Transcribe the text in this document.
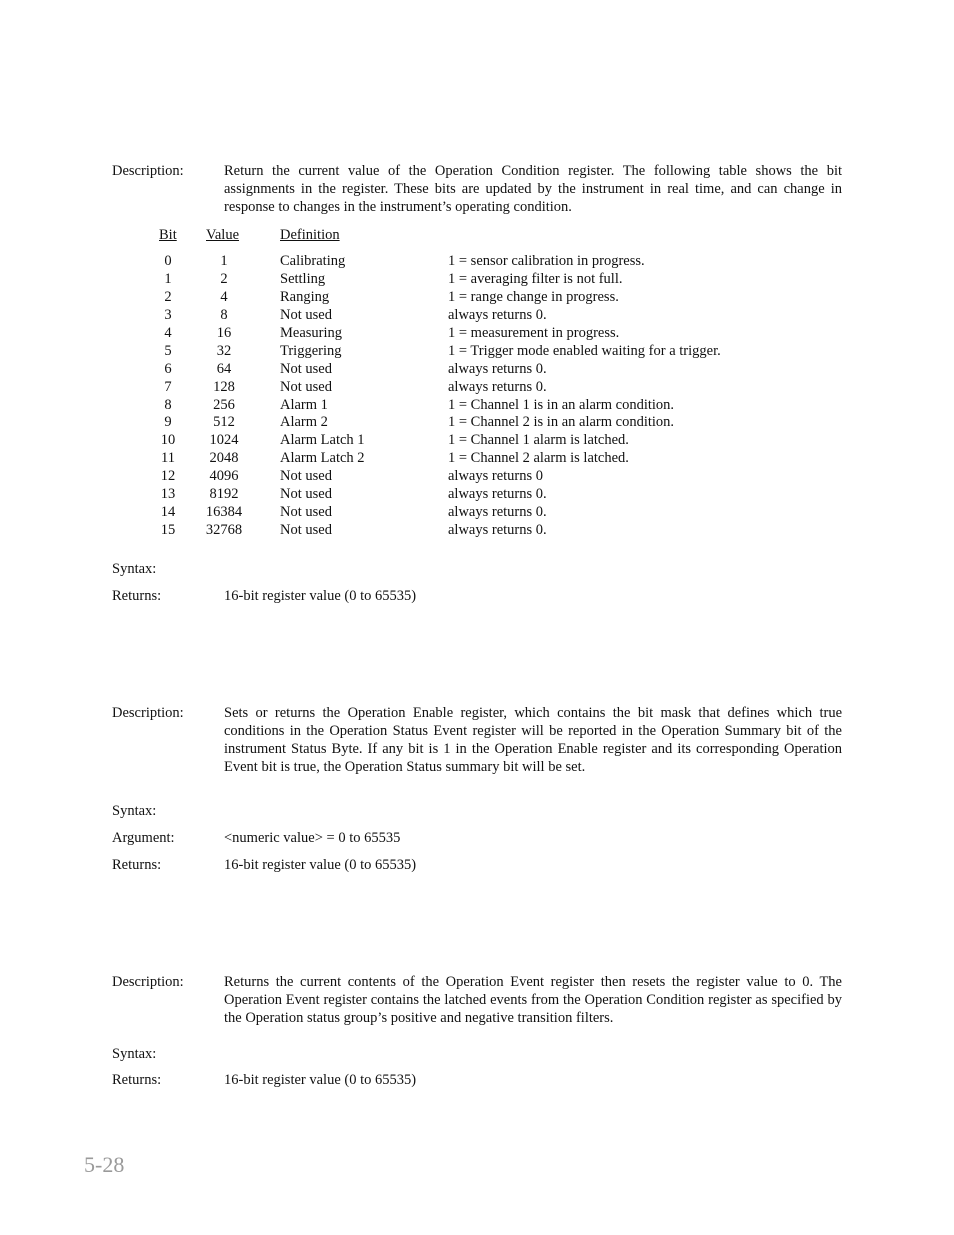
Description:	Return the current value of the Operation Condition register. The following table shows the bit assignments in the register. These bits are updated by the instrument in real time, and can change in response to changes in the instrument’s operating condition.
Bit Value	Definition
0	1	Calibrating	1 = sensor calibration in progress.
1	2	Settling	1 = averaging filter is not full.
2	4	Ranging	1 = range change in progress.
3	8	Not used	always returns 0.
4	16	Measuring	1 = measurement in progress.
5	32	Triggering	1 = Trigger mode enabled waiting for a trigger.
6	64	Not used	always returns 0.
7	128	Not used	always returns 0.
8	256	Alarm 1	1 = Channel 1 is in an alarm condition.
9	512	Alarm 2	1 = Channel 2 is in an alarm condition.
10	1024	Alarm Latch 1	1 = Channel 1 alarm is latched.
11	2048	Alarm Latch 2	1 = Channel 2 alarm is latched.
12	4096	Not used	always returns 0
13	8192	Not used	always returns 0.
14	16384	Not used	always returns 0.
15	32768	Not used	always returns 0.
Syntax:
Returns:	16-bit register value (0 to 65535)
Description:	Sets or returns the Operation Enable register, which contains the bit mask that defines which true conditions in the Operation Status Event register will be reported in the Operation Summary bit of the instrument Status Byte. If any bit is 1 in the Operation Enable register and its corresponding Operation Event bit is true, the Operation Status summary bit will be set.
Syntax:
Argument:	<numeric value> = 0 to 65535
Returns:	16-bit register value (0 to 65535)
Description:	Returns the current contents of the Operation Event register then resets the register value to 0. The Operation Event register contains the latched events from the Operation Condition register as specified by the Operation status group’s positive and negative transition filters.
Syntax:
Returns:	16-bit register value (0 to 65535)
5-28
